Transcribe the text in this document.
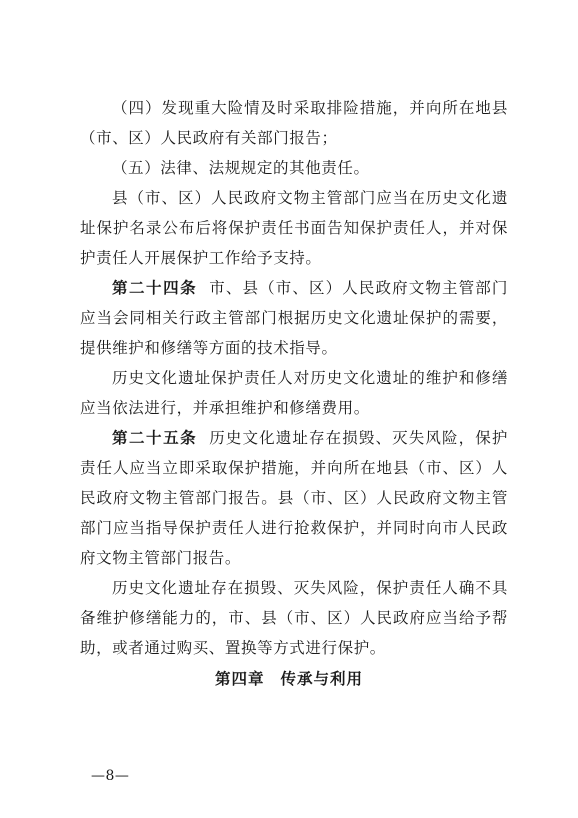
（四）发现重大险情及时采取排险措施，并向所在地县（市、区）人民政府有关部门报告；

（五）法律、法规规定的其他责任。

县（市、区）人民政府文物主管部门应当在历史文化遗址保护名录公布后将保护责任书面告知保护责任人，并对保护责任人开展保护工作给予支持。

第二十四条 市、县（市、区）人民政府文物主管部门应当会同相关行政主管部门根据历史文化遗址保护的需要，提供维护和修缮等方面的技术指导。

历史文化遗址保护责任人对历史文化遗址的维护和修缮应当依法进行，并承担维护和修缮费用。

第二十五条 历史文化遗址存在损毁、灭失风险，保护责任人应当立即采取保护措施，并向所在地县（市、区）人民政府文物主管部门报告。县（市、区）人民政府文物主管部门应当指导保护责任人进行抢救保护，并同时向市人民政府文物主管部门报告。

历史文化遗址存在损毁、灭失风险，保护责任人确不具备维护修缮能力的，市、县（市、区）人民政府应当给予帮助，或者通过购买、置换等方式进行保护。

第四章 传承与利用
—8—
